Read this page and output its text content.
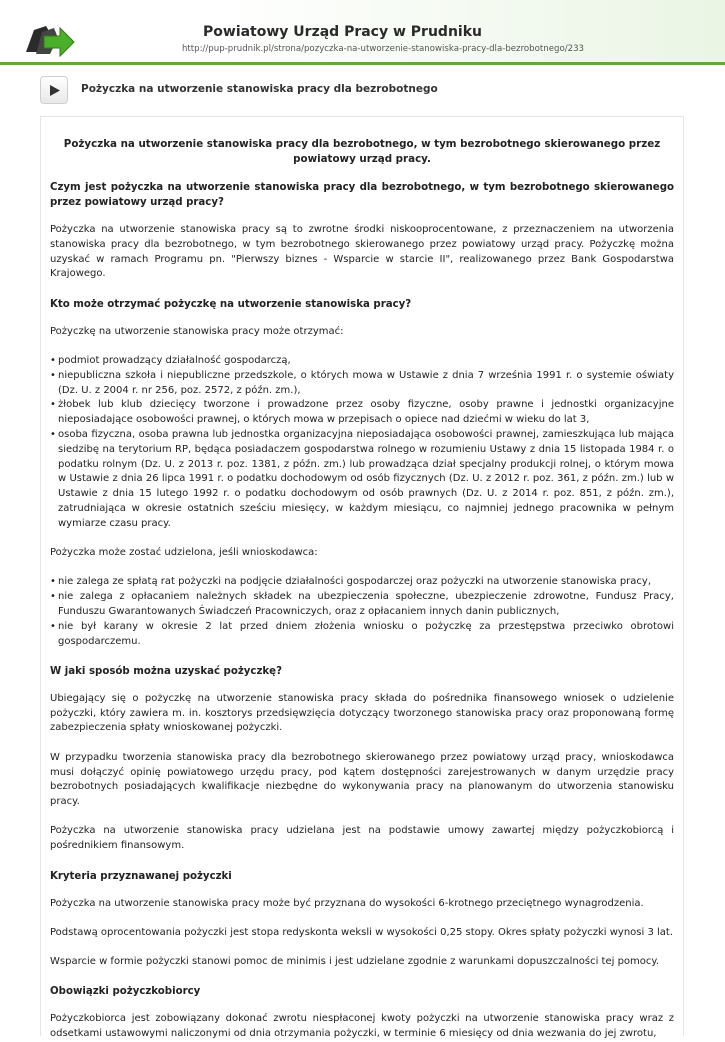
Powiatowy Urząd Pracy w Prudniku
http://pup-prudnik.pl/strona/pozyczka-na-utworzenie-stanowiska-pracy-dla-bezrobotnego/233
Pożyczka na utworzenie stanowiska pracy dla bezrobotnego
Pożyczka na utworzenie stanowiska pracy dla bezrobotnego, w tym bezrobotnego skierowanego przez powiatowy urząd pracy.
Czym jest pożyczka na utworzenie stanowiska pracy dla bezrobotnego, w tym bezrobotnego skierowanego przez powiatowy urząd pracy?

Pożyczka na utworzenie stanowiska pracy są to zwrotne środki niskooprocentowane, z przeznaczeniem na utworzenia stanowiska pracy dla bezrobotnego, w tym bezrobotnego skierowanego przez powiatowy urząd pracy. Pożyczkę można uzyskać w ramach Programu pn. "Pierwszy biznes - Wsparcie w starcie II", realizowanego przez Bank Gospodarstwa Krajowego.

Kto może otrzymać pożyczkę na utworzenie stanowiska pracy?

Pożyczkę na utworzenie stanowiska pracy może otrzymać:

• podmiot prowadzący działalność gospodarczą,
• niepubliczna szkoła i niepubliczne przedszkole, o których mowa w Ustawie z dnia 7 września 1991 r. o systemie oświaty (Dz. U. z 2004 r. nr 256, poz. 2572, z późn. zm.),
• żłobek lub klub dziecięcy tworzone i prowadzone przez osoby fizyczne, osoby prawne i jednostki organizacyjne nieposiadające osobowości prawnej, o których mowa w przepisach o opiece nad dziećmi w wieku do lat 3,
• osoba fizyczna, osoba prawna lub jednostka organizacyjna nieposiadająca osobowości prawnej, zamieszkująca lub mająca siedzibę na terytorium RP, będąca posiadaczem gospodarstwa rolnego w rozumieniu Ustawy z dnia 15 listopada 1984 r. o podatku rolnym (Dz. U. z 2013 r. poz. 1381, z późn. zm.) lub prowadząca dział specjalny produkcji rolnej, o którym mowa w Ustawie z dnia 26 lipca 1991 r. o podatku dochodowym od osób fizycznych (Dz. U. z 2012 r. poz. 361, z późn. zm.) lub w Ustawie z dnia 15 lutego 1992 r. o podatku dochodowym od osób prawnych (Dz. U. z 2014 r. poz. 851, z późn. zm.), zatrudniająca w okresie ostatnich sześciu miesięcy, w każdym miesiącu, co najmniej jednego pracownika w pełnym wymiarze czasu pracy.

Pożyczka może zostać udzielona, jeśli wnioskodawca:

• nie zalega ze spłatą rat pożyczki na podjęcie działalności gospodarczej oraz pożyczki na utworzenie stanowiska pracy,
• nie zalega z opłacaniem należnych składek na ubezpieczenia społeczne, ubezpieczenie zdrowotne, Fundusz Pracy, Funduszu Gwarantowanych Świadczeń Pracowniczych, oraz z opłacaniem innych danin publicznych,
• nie był karany w okresie 2 lat przed dniem złożenia wniosku o pożyczkę za przestępstwa przeciwko obrotowi gospodarczemu.
W jaki sposób można uzyskać pożyczkę?

Ubiegający się o pożyczkę na utworzenie stanowiska pracy składa do pośrednika finansowego wniosek o udzielenie pożyczki, który zawiera m. in. kosztorys przedsięwzięcia dotyczący tworzonego stanowiska pracy oraz proponowaną formę zabezpieczenia spłaty wnioskowanej pożyczki.

W przypadku tworzenia stanowiska pracy dla bezrobotnego skierowanego przez powiatowy urząd pracy, wnioskodawca musi dołączyć opinię powiatowego urzędu pracy, pod kątem dostępności zarejestrowanych w danym urzędzie pracy bezrobotnych posiadających kwalifikacje niezbędne do wykonywania pracy na planowanym do utworzenia stanowisku pracy.

Pożyczka na utworzenie stanowiska pracy udzielana jest na podstawie umowy zawartej między pożyczkobiorcą i pośrednikiem finansowym.

Kryteria przyznawanej pożyczki

Pożyczka na utworzenie stanowiska pracy może być przyznana do wysokości 6-krotnego przeciętnego wynagrodzenia.

Podstawą oprocentowania pożyczki jest stopa redyskonta weksli w wysokości 0,25 stopy. Okres spłaty pożyczki wynosi 3 lat.

Wsparcie w formie pożyczki stanowi pomoc de minimis i jest udzielane zgodnie z warunkami dopuszczalności tej pomocy.

Obowiązki pożyczkobiorcy

Pożyczkobiorca jest zobowiązany dokonać zwrotu niespłaconej kwoty pożyczki na utworzenie stanowiska pracy wraz z odsetkami ustawowymi naliczonymi od dnia otrzymania pożyczki, w terminie 6 miesięcy od dnia wezwania do jej zwrotu,
